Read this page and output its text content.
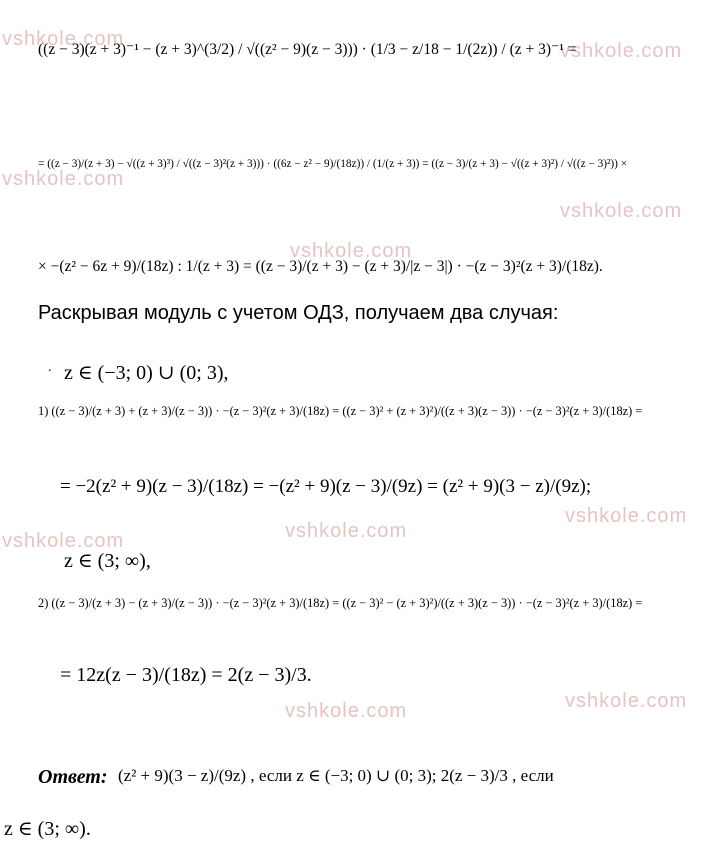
vshkole.com
vshkole.com
vshkole.com
vshkole.com
vshkole.com
vshkole.com	vshkole.com
vshkole.com
vshkole.com	vshkole.com
((z − 3)(z + 3)⁻¹ − (z + 3)^(3/2) / √((z² − 9)(z − 3))) · (1/3 − z/18 − 1/(2z)) / (z + 3)⁻¹ =
= ((z − 3)/(z + 3) − √((z + 3)³) / √((z − 3)²(z + 3))) · ((6z − z² − 9)/(18z)) / (1/(z + 3)) = ((z − 3)/(z + 3) − √((z + 3)²) / √((z − 3)²)) ×
× −(z² − 6z + 9)/(18z) : 1/(z + 3) = ((z − 3)/(z + 3) − (z + 3)/|z − 3|) · −(z − 3)²(z + 3)/(18z).
Раскрывая модуль с учетом ОДЗ, получаем два случая:
. z ∈ (−3; 0) ∪ (0; 3),
1) ((z − 3)/(z + 3) + (z + 3)/(z − 3)) · −(z − 3)²(z + 3)/(18z) = ((z − 3)² + (z + 3)²)/((z + 3)(z − 3)) · −(z − 3)²(z + 3)/(18z) =
= −2(z² + 9)(z − 3)/(18z) = −(z² + 9)(z − 3)/(9z) = (z² + 9)(3 − z)/(9z);
z ∈ (3; ∞),
2) ((z − 3)/(z + 3) − (z + 3)/(z − 3)) · −(z − 3)²(z + 3)/(18z) = ((z − 3)² − (z + 3)²)/((z + 3)(z − 3)) · −(z − 3)²(z + 3)/(18z) =
= 12z(z − 3)/(18z) = 2(z − 3)/3.
Ответ: (z² + 9)(3 − z)/(9z) , если z ∈ (−3; 0) ∪ (0; 3); 2(z − 3)/3 , если
z ∈ (3; ∞).
